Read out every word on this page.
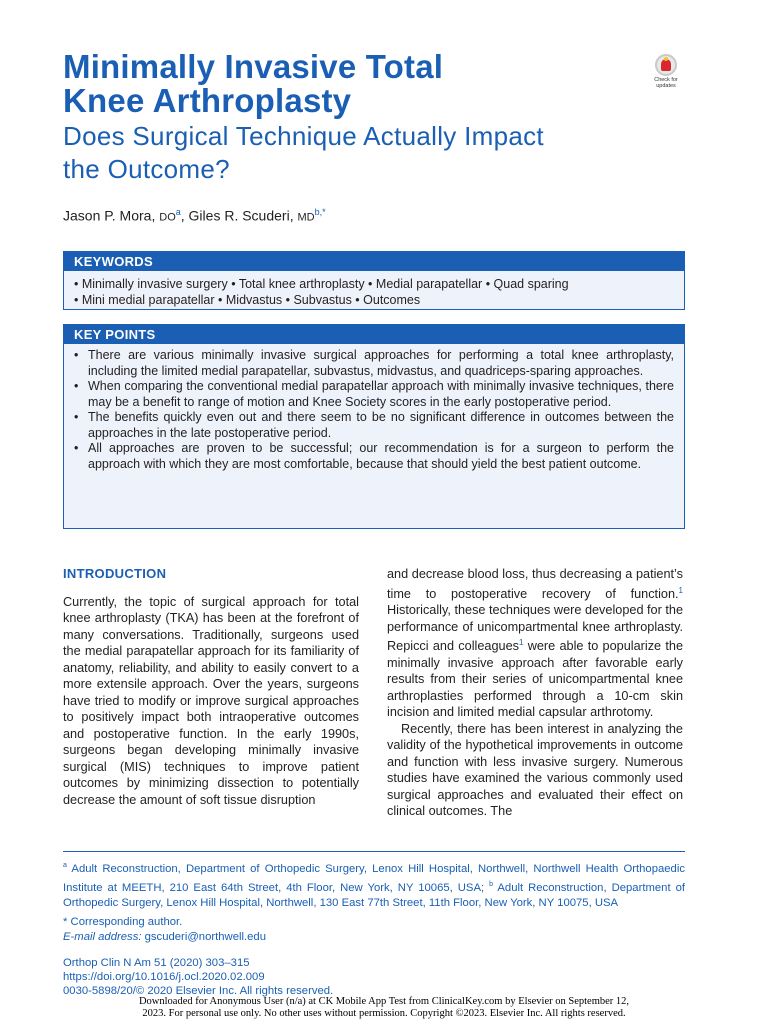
Minimally Invasive Total
Knee Arthroplasty
Check for
updates
Does Surgical Technique Actually Impact
the Outcome?
Jason P. Mora, $DO^a$, Giles R. Scuderi, $MD^{b,*}$
KEYWORDS
• Minimally invasive surgery • Total knee arthroplasty • Medial parapatellar • Quad sparing
• Mini medial parapatellar • Midvastus • Subvastus • Outcomes
KEY POINTS
• There are various minimally invasive surgical approaches for performing a total knee arthroplasty, including the limited medial parapatellar, subvastus, midvastus, and quadriceps-sparing approaches.
• When comparing the conventional medial parapatellar approach with minimally invasive techniques, there may be a benefit to range of motion and Knee Society scores in the early postoperative period.
• The benefits quickly even out and there seem to be no significant difference in outcomes between the approaches in the late postoperative period.
• All approaches are proven to be successful; our recommendation is for a surgeon to perform the approach with which they are most comfortable, because that should yield the best patient outcome.
INTRODUCTION

Currently, the topic of surgical approach for total knee arthroplasty (TKA) has been at the forefront of many conversations. Traditionally, surgeons used the medial parapatellar approach for its familiarity of anatomy, reliability, and ability to easily convert to a more extensile approach. Over the years, surgeons have tried to modify or improve surgical approaches to positively impact both intraoperative outcomes and postoperative function. In the early 1990s, surgeons began developing minimally invasive surgical (MIS) techniques to improve patient outcomes by minimizing dissection to potentially decrease the amount of soft tissue disruption

and decrease blood loss, thus decreasing a patient’s time to postoperative recovery of function.$^1$ Historically, these techniques were developed for the performance of unicompartmental knee arthroplasty. Repicci and colleagues$^1$ were able to popularize the minimally invasive approach after favorable early results from their series of unicompartmental knee arthroplasties performed through a 10-cm skin incision and limited medial capsular arthrotomy.

Recently, there has been interest in analyzing the validity of the hypothetical improvements in outcome and function with less invasive surgery. Numerous studies have examined the various commonly used surgical approaches and evaluated their effect on clinical outcomes. The

$^a$ Adult Reconstruction, Department of Orthopedic Surgery, Lenox Hill Hospital, Northwell, Northwell Health Orthopaedic Institute at MEETH, 210 East 64th Street, 4th Floor, New York, NY 10065, USA; $^b$ Adult Reconstruction, Department of Orthopedic Surgery, Lenox Hill Hospital, Northwell, 130 East 77th Street, 11th Floor, New York, NY 10075, USA
* Corresponding author.
E-mail address: gscuderi@northwell.edu
Orthop Clin N Am 51 (2020) 303–315
https://doi.org/10.1016/j.ocl.2020.02.009
0030-5898/20/© 2020 Elsevier Inc. All rights reserved.
Downloaded for Anonymous User (n/a) at CK Mobile App Test from ClinicalKey.com by Elsevier on September 12,
2023. For personal use only. No other uses without permission. Copyright ©2023. Elsevier Inc. All rights reserved.
